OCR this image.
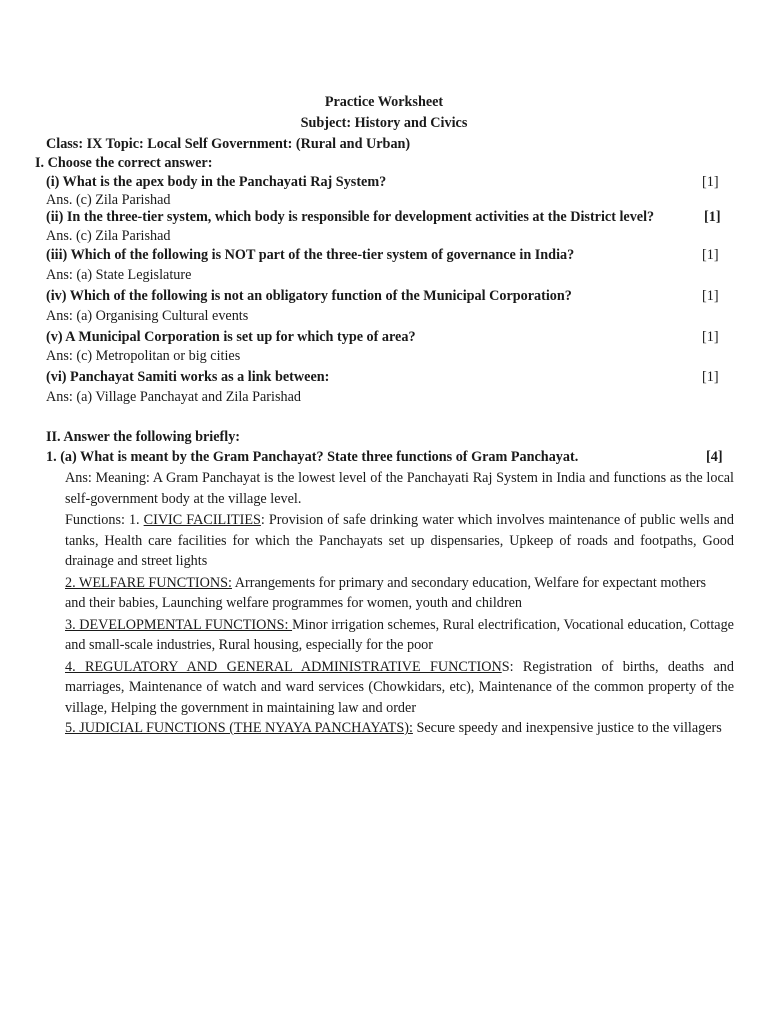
Practice Worksheet
Subject: History and Civics
Class: IX Topic: Local Self Government: (Rural and Urban)
I. Choose the correct answer:
(i) What is the apex body in the Panchayati Raj System?	[1]
Ans. (c) Zila Parishad
(ii) In the three-tier system, which body is responsible for development activities at the District level?	[1]
Ans. (c) Zila Parishad
(iii) Which of the following is NOT part of the three-tier system of governance in India?	[1]
Ans: (a) State Legislature
(iv) Which of the following is not an obligatory function of the Municipal Corporation?	[1]
Ans: (a) Organising Cultural events
(v) A Municipal Corporation is set up for which type of area?	[1]
Ans: (c) Metropolitan or big cities
(vi) Panchayat Samiti works as a link between:	[1]
Ans: (a) Village Panchayat and Zila Parishad
II. Answer the following briefly:
1. (a) What is meant by the Gram Panchayat? State three functions of Gram Panchayat.	[4]

Ans: Meaning: A Gram Panchayat is the lowest level of the Panchayati Raj System in India and functions as the local self-government body at the village level.

Functions: 1. CIVIC FACILITIES: Provision of safe drinking water which involves maintenance of public wells and tanks, Health care facilities for which the Panchayats set up dispensaries, Upkeep of roads and footpaths, Good drainage and street lights

2. WELFARE FUNCTIONS: Arrangements for primary and secondary education, Welfare for expectant mothers

and their babies, Launching welfare programmes for women, youth and children

3. DEVELOPMENTAL FUNCTIONS: Minor irrigation schemes, Rural electrification, Vocational education, Cottage and small-scale industries, Rural housing, especially for the poor

4. REGULATORY AND GENERAL ADMINISTRATIVE FUNCTIONS: Registration of births, deaths and marriages, Maintenance of watch and ward services (Chowkidars, etc), Maintenance of the common property of the village, Helping the government in maintaining law and order

5. JUDICIAL FUNCTIONS (THE NYAYA PANCHAYATS): Secure speedy and inexpensive justice to the villagers
